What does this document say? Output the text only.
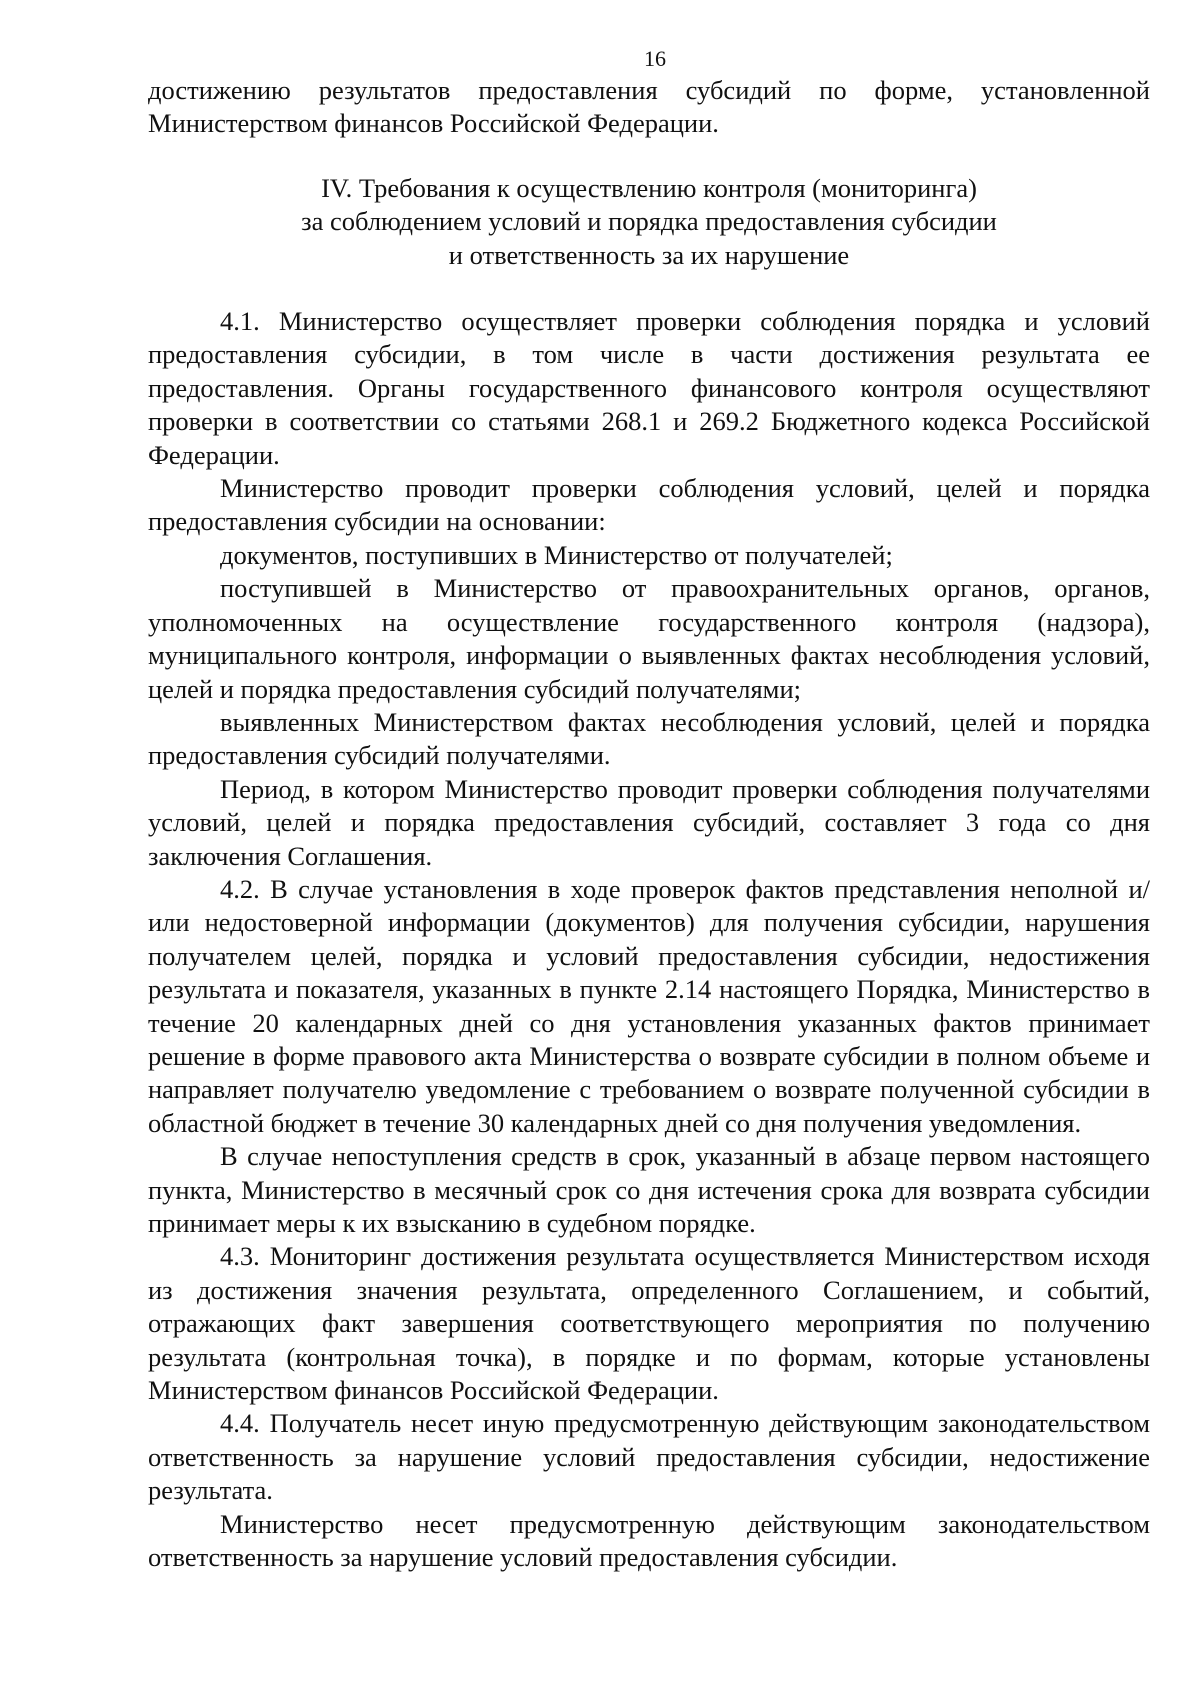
16

достижению результатов предоставления субсидий по форме, установленной Министерством финансов Российской Федерации.

IV. Требования к осуществлению контроля (мониторинга)
за соблюдением условий и порядка предоставления субсидии
и ответственность за их нарушение

4.1. Министерство осуществляет проверки соблюдения порядка и условий предоставления субсидии, в том числе в части достижения результата ее предоставления. Органы государственного финансового контроля осуществляют проверки в соответствии со статьями 268.1 и 269.2 Бюджетного кодекса Российской Федерации.

Министерство проводит проверки соблюдения условий, целей и порядка предоставления субсидии на основании:

документов, поступивших в Министерство от получателей;

поступившей в Министерство от правоохранительных органов, органов, уполномоченных на осуществление государственного контроля (надзора), муниципального контроля, информации о выявленных фактах несоблюдения условий, целей и порядка предоставления субсидий получателями;

выявленных Министерством фактах несоблюдения условий, целей и порядка предоставления субсидий получателями.

Период, в котором Министерство проводит проверки соблюдения получателями условий, целей и порядка предоставления субсидий, составляет 3 года со дня заключения Соглашения.

4.2. В случае установления в ходе проверок фактов представления неполной и/или недостоверной информации (документов) для получения субсидии, нарушения получателем целей, порядка и условий предоставления субсидии, недостижения результата и показателя, указанных в пункте 2.14 настоящего Порядка, Министерство в течение 20 календарных дней со дня установления указанных фактов принимает решение в форме правового акта Министерства о возврате субсидии в полном объеме и направляет получателю уведомление с требованием о возврате полученной субсидии в областной бюджет в течение 30 календарных дней со дня получения уведомления.

В случае непоступления средств в срок, указанный в абзаце первом настоящего пункта, Министерство в месячный срок со дня истечения срока для возврата субсидии принимает меры к их взысканию в судебном порядке.

4.3. Мониторинг достижения результата осуществляется Министерством исходя из достижения значения результата, определенного Соглашением, и событий, отражающих факт завершения соответствующего мероприятия по получению результата (контрольная точка), в порядке и по формам, которые установлены Министерством финансов Российской Федерации.

4.4. Получатель несет иную предусмотренную действующим законодательством ответственность за нарушение условий предоставления субсидии, недостижение результата.

Министерство несет предусмотренную действующим законодательством ответственность за нарушение условий предоставления субсидии.
